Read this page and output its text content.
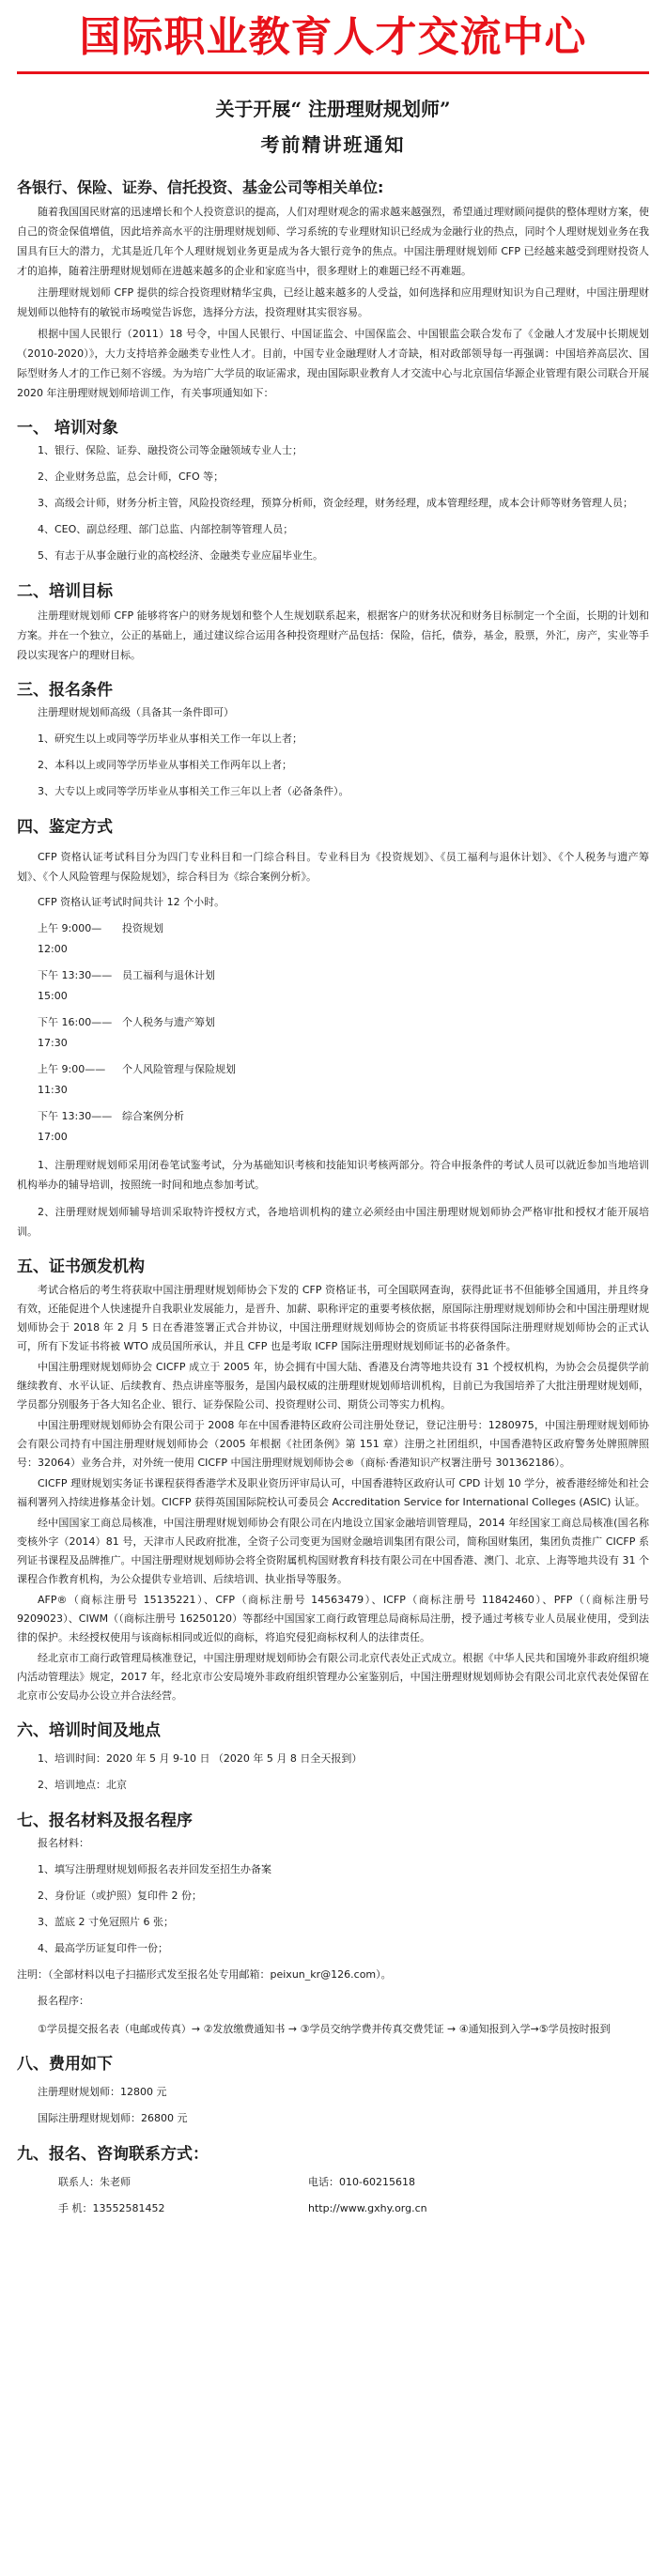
国际职业教育人才交流中心
关于开展“ 注册理财规划师”
考前精讲班通知
各银行、保险、证券、信托投资、基金公司等相关单位:

随着我国国民财富的迅速增长和个人投资意识的提高，人们对理财观念的需求越来越强烈，希望通过理财顾问提供的整体理财方案，使自己的资金保值增值，因此培养高水平的注册理财规划师、学习系统的专业理财知识已经成为金融行业的热点，同时个人理财规划业务在我国具有巨大的潜力，尤其是近几年个人理财规划业务更是成为各大银行竞争的焦点。中国注册理财规划师 CFP 已经越来越受到理财投资人才的追捧，随着注册理财规划师在进越来越多的企业和家庭当中，很多理财上的难题已经不再难题。

注册理财规划师 CFP 提供的综合投资理财精华宝典，已经让越来越多的人受益，如何选择和应用理财知识为自己理财，中国注册理财规划师以他特有的敏锐市场嗅觉告诉您，选择分方法，投资理财其实很容易。

根据中国人民银行（2011）18 号令，中国人民银行、中国证监会、中国保监会、中国银监会联合发布了《金融人才发展中长期规划（2010-2020）》，大力支持培养金融类专业性人才。目前，中国专业金融理财人才奇缺，相对政部领导每一再强调：中国培养高层次、国际型财务人才的工作已刻不容缓。为为培广大学员的取证需求，现由国际职业教育人才交流中心与北京国信华源企业管理有限公司联合开展 2020 年注册理财规划师培训工作，有关事项通知如下：

一、 培训对象
1、银行、保险、证券、融投资公司等金融领域专业人士；
2、企业财务总监，总会计师，CFO 等；
3、高级会计师，财务分析主管，风险投资经理，预算分析师，资金经理，财务经理，成本管理经理，成本会计师等财务管理人员；
4、CEO、副总经理、部门总监、内部控制等管理人员；
5、有志于从事金融行业的高校经济、金融类专业应届毕业生。
二、培训目标

注册理财规划师 CFP 能够将客户的财务规划和整个人生规划联系起来，根据客户的财务状况和财务目标制定一个全面，长期的计划和方案。并在一个独立，公正的基础上，通过建议综合运用各种投资理财产品包括：保险，信托，债券，基金，股票，外汇，房产，实业等手段以实现客户的理财目标。

三、报名条件
注册理财规划师高级（具备其一条件即可）
1、研究生以上或同等学历毕业从事相关工作一年以上者；
2、本科以上或同等学历毕业从事相关工作两年以上者；
3、大专以上或同等学历毕业从事相关工作三年以上者（必备条件）。
四、鉴定方式

CFP 资格认证考试科目分为四门专业科目和一门综合科目。专业科目为《投资规划》、《员工福利与退休计划》、《个人税务与遗产筹划》、《个人风险管理与保险规划》，综合科目为《综合案例分析》。

CFP 资格认证考试时间共计 12 个小时。
上午 9:000—12:00
投资规划
下午 13:30——15:00
员工福利与退休计划
下午 16:00——17:30
个人税务与遗产筹划
上午 9:00——11:30
个人风险管理与保险规划
下午 13:30——17:00
综合案例分析

1、注册理财规划师采用闭卷笔试鉴考试，分为基础知识考核和技能知识考核两部分。符合申报条件的考试人员可以就近参加当地培训机构举办的辅导培训，按照统一时间和地点参加考试。

2、注册理财规划师辅导培训采取特许授权方式，各地培训机构的建立必须经由中国注册理财规划师协会严格审批和授权才能开展培训。

五、证书颁发机构

考试合格后的考生将获取中国注册理财规划师协会下发的 CFP 资格证书，可全国联网查询，获得此证书不但能够全国通用，并且终身有效，还能促进个人快速提升自我职业发展能力，是晋升、加薪、职称评定的重要考核依据，原国际注册理财规划师协会和中国注册理财规划师协会于 2018 年 2 月 5 日在香港签署正式合并协议，中国注册理财规划师协会的资质证书将获得国际注册理财规划师协会的正式认可，所有下发证书将被 WTO 成员国所承认，并且 CFP 也是考取 ICFP 国际注册理财规划师证书的必备条件。

中国注册理财规划师协会 CICFP 成立于 2005 年，协会拥有中国大陆、香港及台湾等地共设有 31 个授权机构，为协会会员提供学前继续教育、水平认证、后续教育、热点讲座等服务，是国内最权威的注册理财规划师培训机构，目前已为我国培养了大批注册理财规划师，学员都分别服务于各大知名企业、银行、证券保险公司、投资理财公司、期货公司等实力机构。

中国注册理财规划师协会有限公司于 2008 年在中国香港特区政府公司注册处登记，登记注册号：1280975，中国注册理财规划师协会有限公司持有中国注册理财规划师协会（2005 年根据《社团条例》第 151 章）注册之社团组织，中国香港特区政府警务处牌照牌照号：32064）业务合并，对外统一使用 CICFP 中国注册理财规划师协会®（商标·香港知识产权署注册号 301362186）。

CICFP 理财规划实务证书课程获得香港学术及职业资历评审局认可，中国香港特区政府认可 CPD 计划 10 学分，被香港经缔处和社会福利署列入持续进修基金计划。CICFP 获得英国国际院校认可委员会 Accreditation Service for International Colleges (ASIC) 认证。

经中国国家工商总局核准，中国注册理财规划师协会有限公司在内地设立国家金融培训管理局，2014 年经国家工商总局核准(国名称变核外字（2014）81 号，天津市人民政府批准，全资子公司变更为国财金融培训集团有限公司，简称国财集团，集团负责推广 CICFP 系列证书课程及品牌推广。中国注册理财规划师协会将全资附属机构国财教育科技有限公司在中国香港、澳门、北京、上海等地共设有 31 个课程合作教育机构，为公众提供专业培训、后续培训、执业指导等服务。

AFP®（商标注册号 15135221）、CFP（商标注册号 14563479）、ICFP（商标注册号 11842460）、PFP（（商标注册号 9209023）、CIWM（（商标注册号 16250120）等都经中国国家工商行政管理总局商标局注册，授予通过考核专业人员展业使用，受到法律的保护。未经授权使用与该商标相同或近似的商标，将追究侵犯商标权利人的法律责任。

经北京市工商行政管理局核准登记，中国注册理财规划师协会有限公司北京代表处正式成立。根据《中华人民共和国境外非政府组织境内活动管理法》规定，2017 年，经北京市公安局境外非政府组织管理办公室鉴别后，中国注册理财规划师协会有限公司北京代表处保留在北京市公安局办公设立并合法经营。

六、培训时间及地点
1、培训时间：2020 年 5 月 9-10 日 （2020 年 5 月 8 日全天报到）
2、培训地点：北京
七、报名材料及报名程序
报名材料：
1、填写注册理财规划师报名表并回发至招生办备案
2、身份证（或护照）复印件 2 份；
3、蓝底 2 寸免冠照片 6 张；
4、最高学历证复印件一份；
注明：（全部材料以电子扫描形式发至报名处专用邮箱：peixun_kr@126.com）。
报名程序：

①学员提交报名表（电邮或传真）→ ②发放缴费通知书 → ③学员交纳学费并传真交费凭证 → ④通知报到入学→⑤学员按时报到

八、费用如下
注册理财规划师：12800 元
国际注册理财规划师：26800 元
九、报名、咨询联系方式：
联系人：朱老师	电话：010-60215618
手 机：13552581452	http://www.gxhy.org.cn
